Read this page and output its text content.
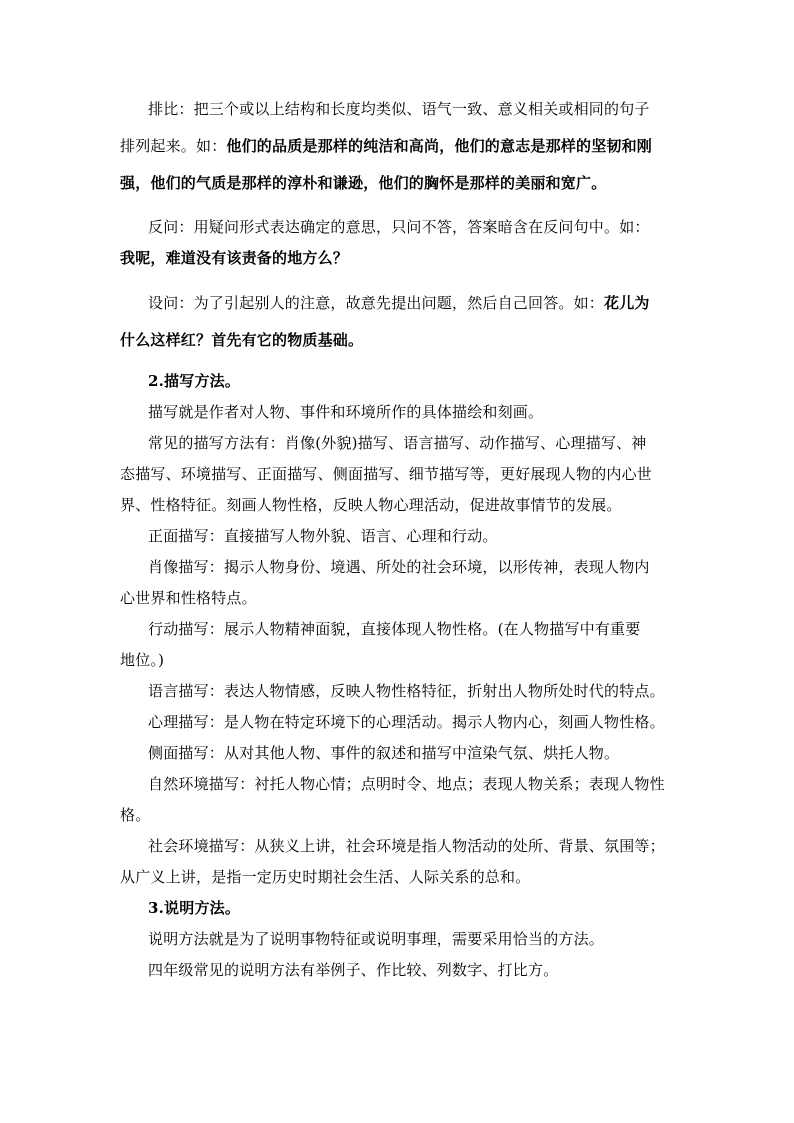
排比：把三个或以上结构和长度均类似、语气一致、意义相关或相同的句子
排列起来。如：他们的品质是那样的纯洁和高尚，他们的意志是那样的坚韧和刚
强，他们的气质是那样的淳朴和谦逊，他们的胸怀是那样的美丽和宽广。
反问：用疑问形式表达确定的意思，只问不答，答案暗含在反问句中。如：
我呢，难道没有该责备的地方么？
设问：为了引起别人的注意，故意先提出问题，然后自己回答。如：花儿为
什么这样红？首先有它的物质基础。
2.描写方法。
描写就是作者对人物、事件和环境所作的具体描绘和刻画。
常见的描写方法有：肖像(外貌)描写、语言描写、动作描写、心理描写、神
态描写、环境描写、正面描写、侧面描写、细节描写等，更好展现人物的内心世
界、性格特征。刻画人物性格，反映人物心理活动，促进故事情节的发展。
正面描写：直接描写人物外貌、语言、心理和行动。
肖像描写：揭示人物身份、境遇、所处的社会环境，以形传神，表现人物内
心世界和性格特点。
行动描写：展示人物精神面貌，直接体现人物性格。(在人物描写中有重要
地位。)
语言描写：表达人物情感，反映人物性格特征，折射出人物所处时代的特点。
心理描写：是人物在特定环境下的心理活动。揭示人物内心，刻画人物性格。
侧面描写：从对其他人物、事件的叙述和描写中渲染气氛、烘托人物。
自然环境描写：衬托人物心情；点明时令、地点；表现人物关系；表现人物性
格。
社会环境描写：从狭义上讲，社会环境是指人物活动的处所、背景、氛围等；
从广义上讲，是指一定历史时期社会生活、人际关系的总和。
3.说明方法。
说明方法就是为了说明事物特征或说明事理，需要采用恰当的方法。
四年级常见的说明方法有举例子、作比较、列数字、打比方。
